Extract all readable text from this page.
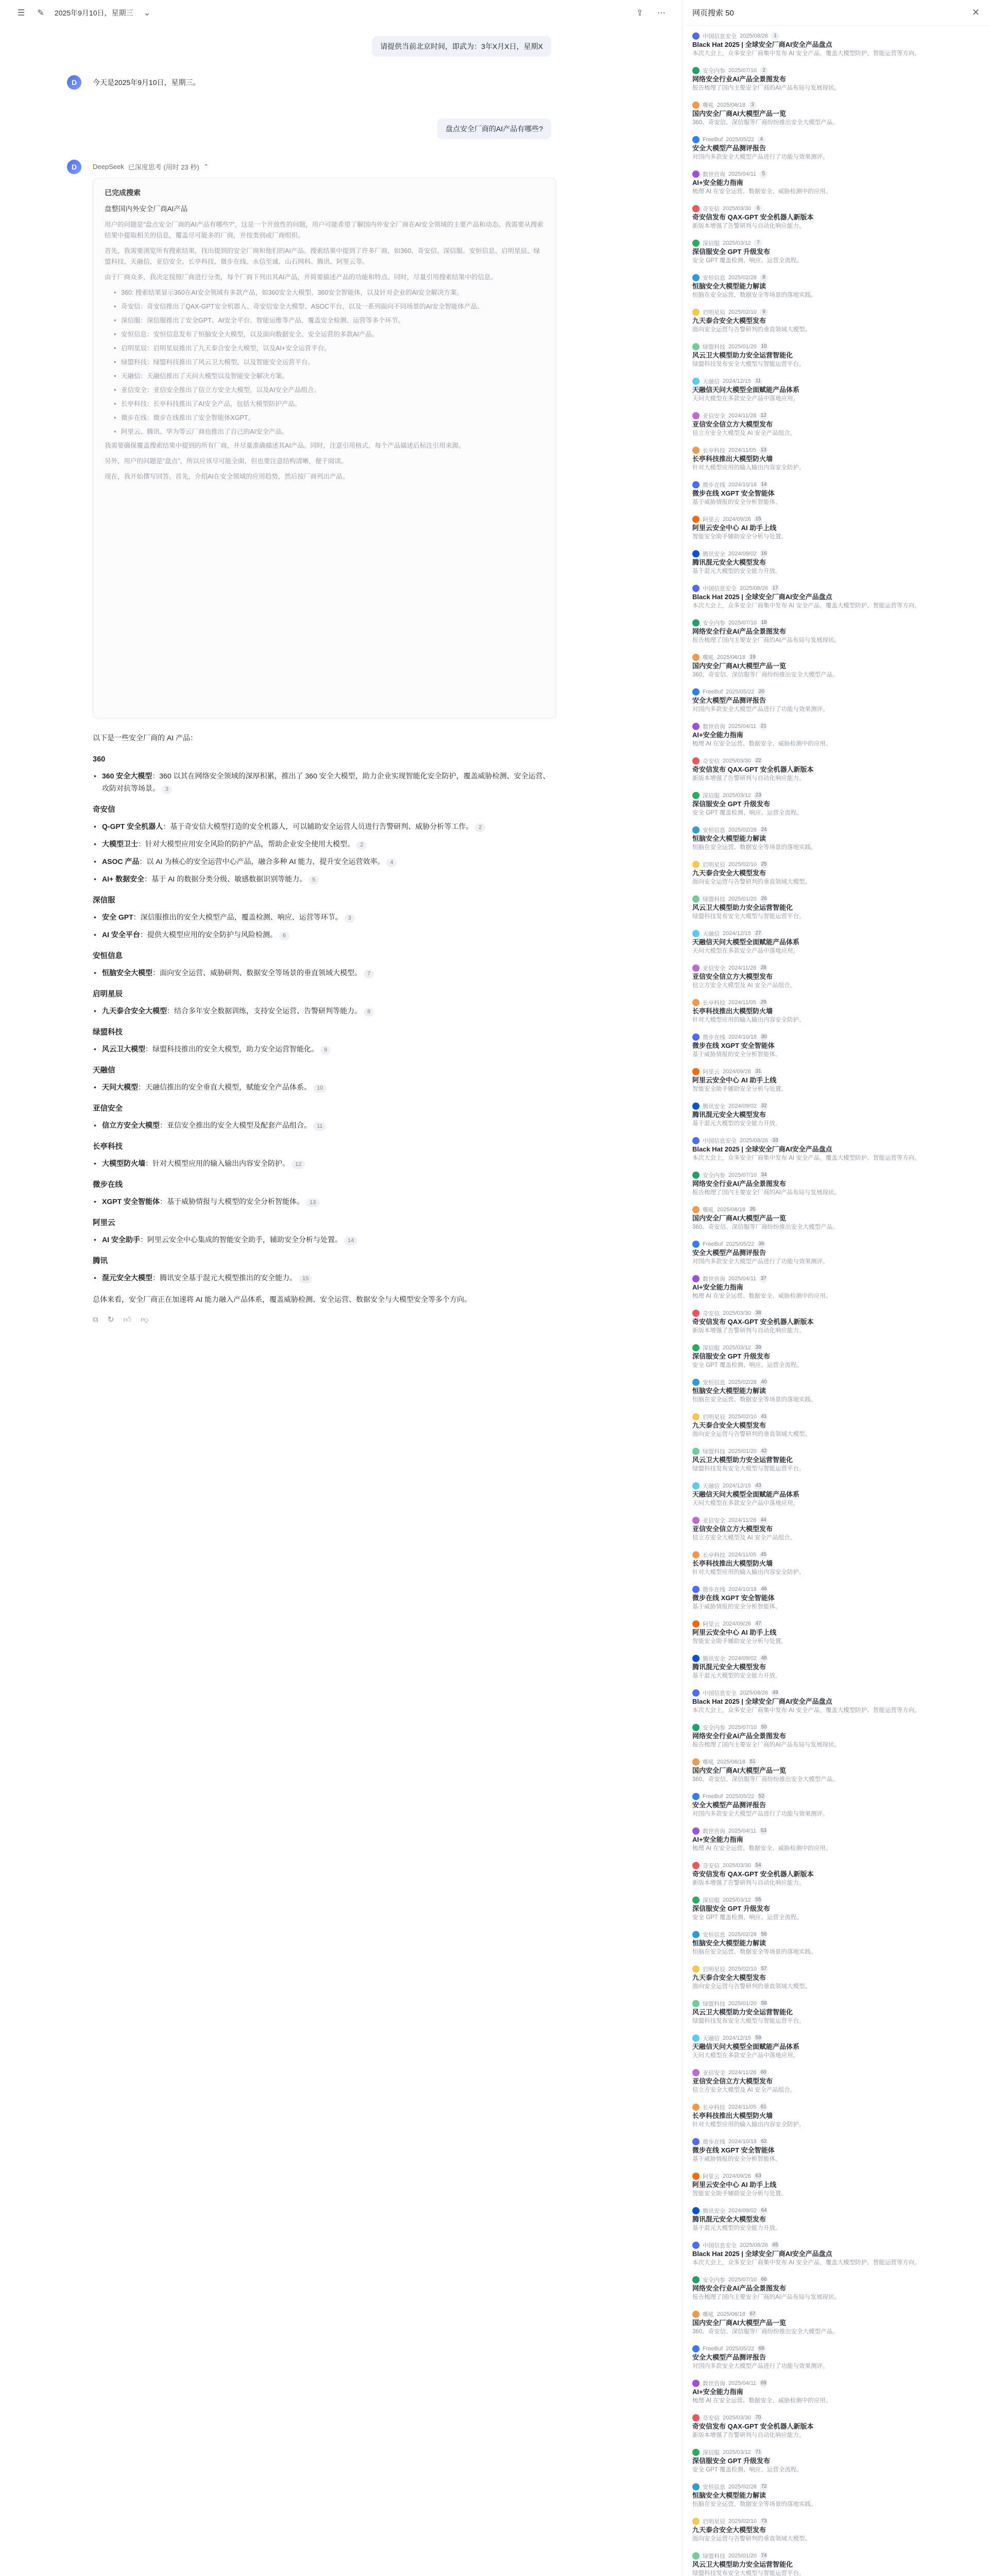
☰ ✎	2025年9月10日，星期三 ⌄	⇪ ⋯
请提供当前北京时间，即武为：3年X月X日，星期X
D	今天是2025年9月10日，星期三。
盘点安全厂商的AI产品有哪些?
D	DeepSeek 已深度思考 (用时 23 秒) ⌃
已完成搜索
盘整国内外安全厂商AI产品

用户的问题是"盘点安全厂商的AI产品有哪些?"，这是一个开放性的问题，用户可能希望了解国内外安全厂商在AI安全领域的主要产品和动态。我需要从搜索结果中提取相关的信息，覆盖尽可能多的厂商，并按类别或厂商组织。

首先，我需要浏览所有搜索结果，找出提到的安全厂商和他们的AI产品。搜索结果中提到了许多厂商，如360、奇安信、深信服、安恒信息、启明星辰、绿盟科技、天融信、亚信安全、长亭科技、微步在线、永信至诚、山石网科、腾讯、阿里云等。

由于厂商众多，我决定按照厂商进行分类，每个厂商下列出其AI产品，并简要描述产品的功能和特点。同时，尽量引用搜索结果中的信息。

• 360: 搜索结果显示360在AI安全领域有多款产品，如360安全大模型、360安全智能体，以及针对企业的AI安全解决方案。
• 奇安信：奇安信推出了QAX-GPT安全机器人、奇安信安全大模型、ASOC平台，以及一系列面向不同场景的AI安全智能体产品。
• 深信服：深信服推出了安全GPT、AI安全平台、智能运维等产品，覆盖安全检测、运营等多个环节。
• 安恒信息：安恒信息发布了恒脑安全大模型，以及面向数据安全、安全运营的多款AI产品。
• 启明星辰：启明星辰推出了九天泰合安全大模型，以及AI+安全运营平台。
• 绿盟科技：绿盟科技推出了风云卫大模型，以及智能安全运营平台。
• 天融信：天融信推出了天问大模型以及智能安全解决方案。
• 亚信安全：亚信安全推出了信立方安全大模型，以及AI安全产品组合。
• 长亭科技：长亭科技推出了AI安全产品，包括大模型防护产品。
• 微步在线：微步在线推出了安全智能体XGPT。
• 阿里云、腾讯、华为等云厂商也推出了自己的AI安全产品。

我需要确保覆盖搜索结果中提到的所有厂商，并尽量准确描述其AI产品。同时，注意引用格式，每个产品描述后标注引用来源。

另外，用户的问题是"盘点"，所以应该尽可能全面，但也要注意结构清晰，便于阅读。

现在，我开始撰写回答。首先，介绍AI在安全领域的应用趋势，然后按厂商列出产品。

以下是一些安全厂商的 AI 产品：
360
• 360 安全大模型：360 以其在网络安全领域的深厚积累，推出了 360 安全大模型，助力企业实现智能化安全防护，覆盖威胁检测、安全运营、攻防对抗等场景。 3
奇安信
• Q-GPT 安全机器人：基于奇安信大模型打造的安全机器人，可以辅助安全运营人员进行告警研判、威胁分析等工作。 2
• 大模型卫士：针对大模型应用安全风险的防护产品，帮助企业安全使用大模型。 2
• ASOC 产品：以 AI 为核心的安全运营中心产品，融合多种 AI 能力，提升安全运营效率。 4
• AI+ 数据安全：基于 AI 的数据分类分级、敏感数据识别等能力。 5
深信服
• 安全 GPT：深信服推出的安全大模型产品，覆盖检测、响应、运营等环节。 3
• AI 安全平台：提供大模型应用的安全防护与风险检测。 6
安恒信息
• 恒脑安全大模型：面向安全运营、威胁研判、数据安全等场景的垂直领域大模型。 7
启明星辰
• 九天泰合安全大模型：结合多年安全数据训练，支持安全运营、告警研判等能力。 8
绿盟科技
• 风云卫大模型：绿盟科技推出的安全大模型，助力安全运营智能化。 9
天融信
• 天问大模型：天融信推出的安全垂直大模型，赋能安全产品体系。 10
亚信安全
• 信立方安全大模型：亚信安全推出的安全大模型及配套产品组合。 11
长亭科技
• 大模型防火墙：针对大模型应用的输入输出内容安全防护。 12
微步在线
• XGPT 安全智能体：基于威胁情报与大模型的安全分析智能体。 13
阿里云
• AI 安全助手：阿里云安全中心集成的智能安全助手，辅助安全分析与处置。 14
腾讯
• 混元安全大模型：腾讯安全基于混元大模型推出的安全能力。 15
总体来看，安全厂商正在加速将 AI 能力融入产品体系，覆盖威胁检测、安全运营、数据安全与大模型安全等多个方向。
⧉ ↻ 👍︎ 👎︎
网页搜索 50	✕
中国信息安全 2025/08/26	1
Black Hat 2025 | 全球安全厂商AI安全产品盘点
本次大会上，众多安全厂商集中发布 AI 安全产品，覆盖大模型防护、智能运营等方向。
安全内参 2025/07/10	2
网络安全行业AI产品全景图发布
报告梳理了国内主要安全厂商的AI产品布局与发展现状。
嘶吼 2025/06/18	3
国内安全厂商AI大模型产品一览
360、奇安信、深信服等厂商纷纷推出安全大模型产品。
FreeBuf 2025/05/22	4
安全大模型产品测评报告
对国内多款安全大模型产品进行了功能与效果测评。
数世咨询 2025/04/11	5
AI+安全能力指南
梳理 AI 在安全运营、数据安全、威胁检测中的应用。
奇安信 2025/03/30	6
奇安信发布 QAX-GPT 安全机器人新版本
新版本增强了告警研判与自动化响应能力。
深信服 2025/03/12	7
深信服安全 GPT 升级发布
安全 GPT 覆盖检测、响应、运营全流程。
安恒信息 2025/02/28	8
恒脑安全大模型能力解读
恒脑在安全运营、数据安全等场景的落地实践。
启明星辰 2025/02/10	9
九天泰合安全大模型发布
面向安全运营与告警研判的垂直领域大模型。
绿盟科技 2025/01/20 10
风云卫大模型助力安全运营智能化
绿盟科技发布安全大模型与智能运营平台。
天融信 2024/12/15 11
天融信天问大模型全面赋能产品体系
天问大模型在多款安全产品中落地应用。
亚信安全 2024/11/28 12
亚信安全信立方大模型发布
信立方安全大模型及 AI 安全产品组合。
长亭科技 2024/11/05 13
长亭科技推出大模型防火墙
针对大模型应用的输入输出内容安全防护。
微步在线 2024/10/18 14
微步在线 XGPT 安全智能体
基于威胁情报的安全分析智能体。
阿里云 2024/09/26 15
阿里云安全中心 AI 助手上线
智能安全助手辅助安全分析与处置。
腾讯安全 2024/09/02 16
腾讯混元安全大模型发布
基于混元大模型的安全能力开放。
中国信息安全 2025/08/26 17
Black Hat 2025 | 全球安全厂商AI安全产品盘点
本次大会上，众多安全厂商集中发布 AI 安全产品，覆盖大模型防护、智能运营等方向。
安全内参 2025/07/10 18
网络安全行业AI产品全景图发布
报告梳理了国内主要安全厂商的AI产品布局与发展现状。
嘶吼 2025/06/18 19
国内安全厂商AI大模型产品一览
360、奇安信、深信服等厂商纷纷推出安全大模型产品。
FreeBuf 2025/05/22 20
安全大模型产品测评报告
对国内多款安全大模型产品进行了功能与效果测评。
数世咨询 2025/04/11 21
AI+安全能力指南
梳理 AI 在安全运营、数据安全、威胁检测中的应用。
奇安信 2025/03/30 22
奇安信发布 QAX-GPT 安全机器人新版本
新版本增强了告警研判与自动化响应能力。
深信服 2025/03/12 23
深信服安全 GPT 升级发布
安全 GPT 覆盖检测、响应、运营全流程。
安恒信息 2025/02/28 24
恒脑安全大模型能力解读
恒脑在安全运营、数据安全等场景的落地实践。
启明星辰 2025/02/10 25
九天泰合安全大模型发布
面向安全运营与告警研判的垂直领域大模型。
绿盟科技 2025/01/20 26
风云卫大模型助力安全运营智能化
绿盟科技发布安全大模型与智能运营平台。
天融信 2024/12/15 27
天融信天问大模型全面赋能产品体系
天问大模型在多款安全产品中落地应用。
亚信安全 2024/11/28 28
亚信安全信立方大模型发布
信立方安全大模型及 AI 安全产品组合。
长亭科技 2024/11/05 29
长亭科技推出大模型防火墙
针对大模型应用的输入输出内容安全防护。
微步在线 2024/10/18 30
微步在线 XGPT 安全智能体
基于威胁情报的安全分析智能体。
阿里云 2024/09/26 31
阿里云安全中心 AI 助手上线
智能安全助手辅助安全分析与处置。
腾讯安全 2024/09/02 32
腾讯混元安全大模型发布
基于混元大模型的安全能力开放。
中国信息安全 2025/08/26 33
Black Hat 2025 | 全球安全厂商AI安全产品盘点
本次大会上，众多安全厂商集中发布 AI 安全产品，覆盖大模型防护、智能运营等方向。
安全内参 2025/07/10 34
网络安全行业AI产品全景图发布
报告梳理了国内主要安全厂商的AI产品布局与发展现状。
嘶吼 2025/06/18 35
国内安全厂商AI大模型产品一览
360、奇安信、深信服等厂商纷纷推出安全大模型产品。
FreeBuf 2025/05/22 36
安全大模型产品测评报告
对国内多款安全大模型产品进行了功能与效果测评。
数世咨询 2025/04/11 37
AI+安全能力指南
梳理 AI 在安全运营、数据安全、威胁检测中的应用。
奇安信 2025/03/30 38
奇安信发布 QAX-GPT 安全机器人新版本
新版本增强了告警研判与自动化响应能力。
深信服 2025/03/12 39
深信服安全 GPT 升级发布
安全 GPT 覆盖检测、响应、运营全流程。
安恒信息 2025/02/28 40
恒脑安全大模型能力解读
恒脑在安全运营、数据安全等场景的落地实践。
启明星辰 2025/02/10 41
九天泰合安全大模型发布
面向安全运营与告警研判的垂直领域大模型。
绿盟科技 2025/01/20 42
风云卫大模型助力安全运营智能化
绿盟科技发布安全大模型与智能运营平台。
天融信 2024/12/15 43
天融信天问大模型全面赋能产品体系
天问大模型在多款安全产品中落地应用。
亚信安全 2024/11/28 44
亚信安全信立方大模型发布
信立方安全大模型及 AI 安全产品组合。
长亭科技 2024/11/05 45
长亭科技推出大模型防火墙
针对大模型应用的输入输出内容安全防护。
微步在线 2024/10/18 46
微步在线 XGPT 安全智能体
基于威胁情报的安全分析智能体。
阿里云 2024/09/26 47
阿里云安全中心 AI 助手上线
智能安全助手辅助安全分析与处置。
腾讯安全 2024/09/02 48
腾讯混元安全大模型发布
基于混元大模型的安全能力开放。
中国信息安全 2025/08/26 49
Black Hat 2025 | 全球安全厂商AI安全产品盘点
本次大会上，众多安全厂商集中发布 AI 安全产品，覆盖大模型防护、智能运营等方向。
安全内参 2025/07/10 50
网络安全行业AI产品全景图发布
报告梳理了国内主要安全厂商的AI产品布局与发展现状。
嘶吼 2025/06/18 51
国内安全厂商AI大模型产品一览
360、奇安信、深信服等厂商纷纷推出安全大模型产品。
FreeBuf 2025/05/22 52
安全大模型产品测评报告
对国内多款安全大模型产品进行了功能与效果测评。
数世咨询 2025/04/11 53
AI+安全能力指南
梳理 AI 在安全运营、数据安全、威胁检测中的应用。
奇安信 2025/03/30 54
奇安信发布 QAX-GPT 安全机器人新版本
新版本增强了告警研判与自动化响应能力。
深信服 2025/03/12 55
深信服安全 GPT 升级发布
安全 GPT 覆盖检测、响应、运营全流程。
安恒信息 2025/02/28 56
恒脑安全大模型能力解读
恒脑在安全运营、数据安全等场景的落地实践。
启明星辰 2025/02/10 57
九天泰合安全大模型发布
面向安全运营与告警研判的垂直领域大模型。
绿盟科技 2025/01/20 58
风云卫大模型助力安全运营智能化
绿盟科技发布安全大模型与智能运营平台。
天融信 2024/12/15 59
天融信天问大模型全面赋能产品体系
天问大模型在多款安全产品中落地应用。
亚信安全 2024/11/28 60
亚信安全信立方大模型发布
信立方安全大模型及 AI 安全产品组合。
长亭科技 2024/11/05 61
长亭科技推出大模型防火墙
针对大模型应用的输入输出内容安全防护。
微步在线 2024/10/18 62
微步在线 XGPT 安全智能体
基于威胁情报的安全分析智能体。
阿里云 2024/09/26 63
阿里云安全中心 AI 助手上线
智能安全助手辅助安全分析与处置。
腾讯安全 2024/09/02 64
腾讯混元安全大模型发布
基于混元大模型的安全能力开放。
中国信息安全 2025/08/26 65
Black Hat 2025 | 全球安全厂商AI安全产品盘点
本次大会上，众多安全厂商集中发布 AI 安全产品，覆盖大模型防护、智能运营等方向。
安全内参 2025/07/10 66
网络安全行业AI产品全景图发布
报告梳理了国内主要安全厂商的AI产品布局与发展现状。
嘶吼 2025/06/18 67
国内安全厂商AI大模型产品一览
360、奇安信、深信服等厂商纷纷推出安全大模型产品。
FreeBuf 2025/05/22 68
安全大模型产品测评报告
对国内多款安全大模型产品进行了功能与效果测评。
数世咨询 2025/04/11 69
AI+安全能力指南
梳理 AI 在安全运营、数据安全、威胁检测中的应用。
奇安信 2025/03/30 70
奇安信发布 QAX-GPT 安全机器人新版本
新版本增强了告警研判与自动化响应能力。
深信服 2025/03/12 71
深信服安全 GPT 升级发布
安全 GPT 覆盖检测、响应、运营全流程。
安恒信息 2025/02/28 72
恒脑安全大模型能力解读
恒脑在安全运营、数据安全等场景的落地实践。
启明星辰 2025/02/10 73
九天泰合安全大模型发布
面向安全运营与告警研判的垂直领域大模型。
绿盟科技 2025/01/20 74
风云卫大模型助力安全运营智能化
绿盟科技发布安全大模型与智能运营平台。
